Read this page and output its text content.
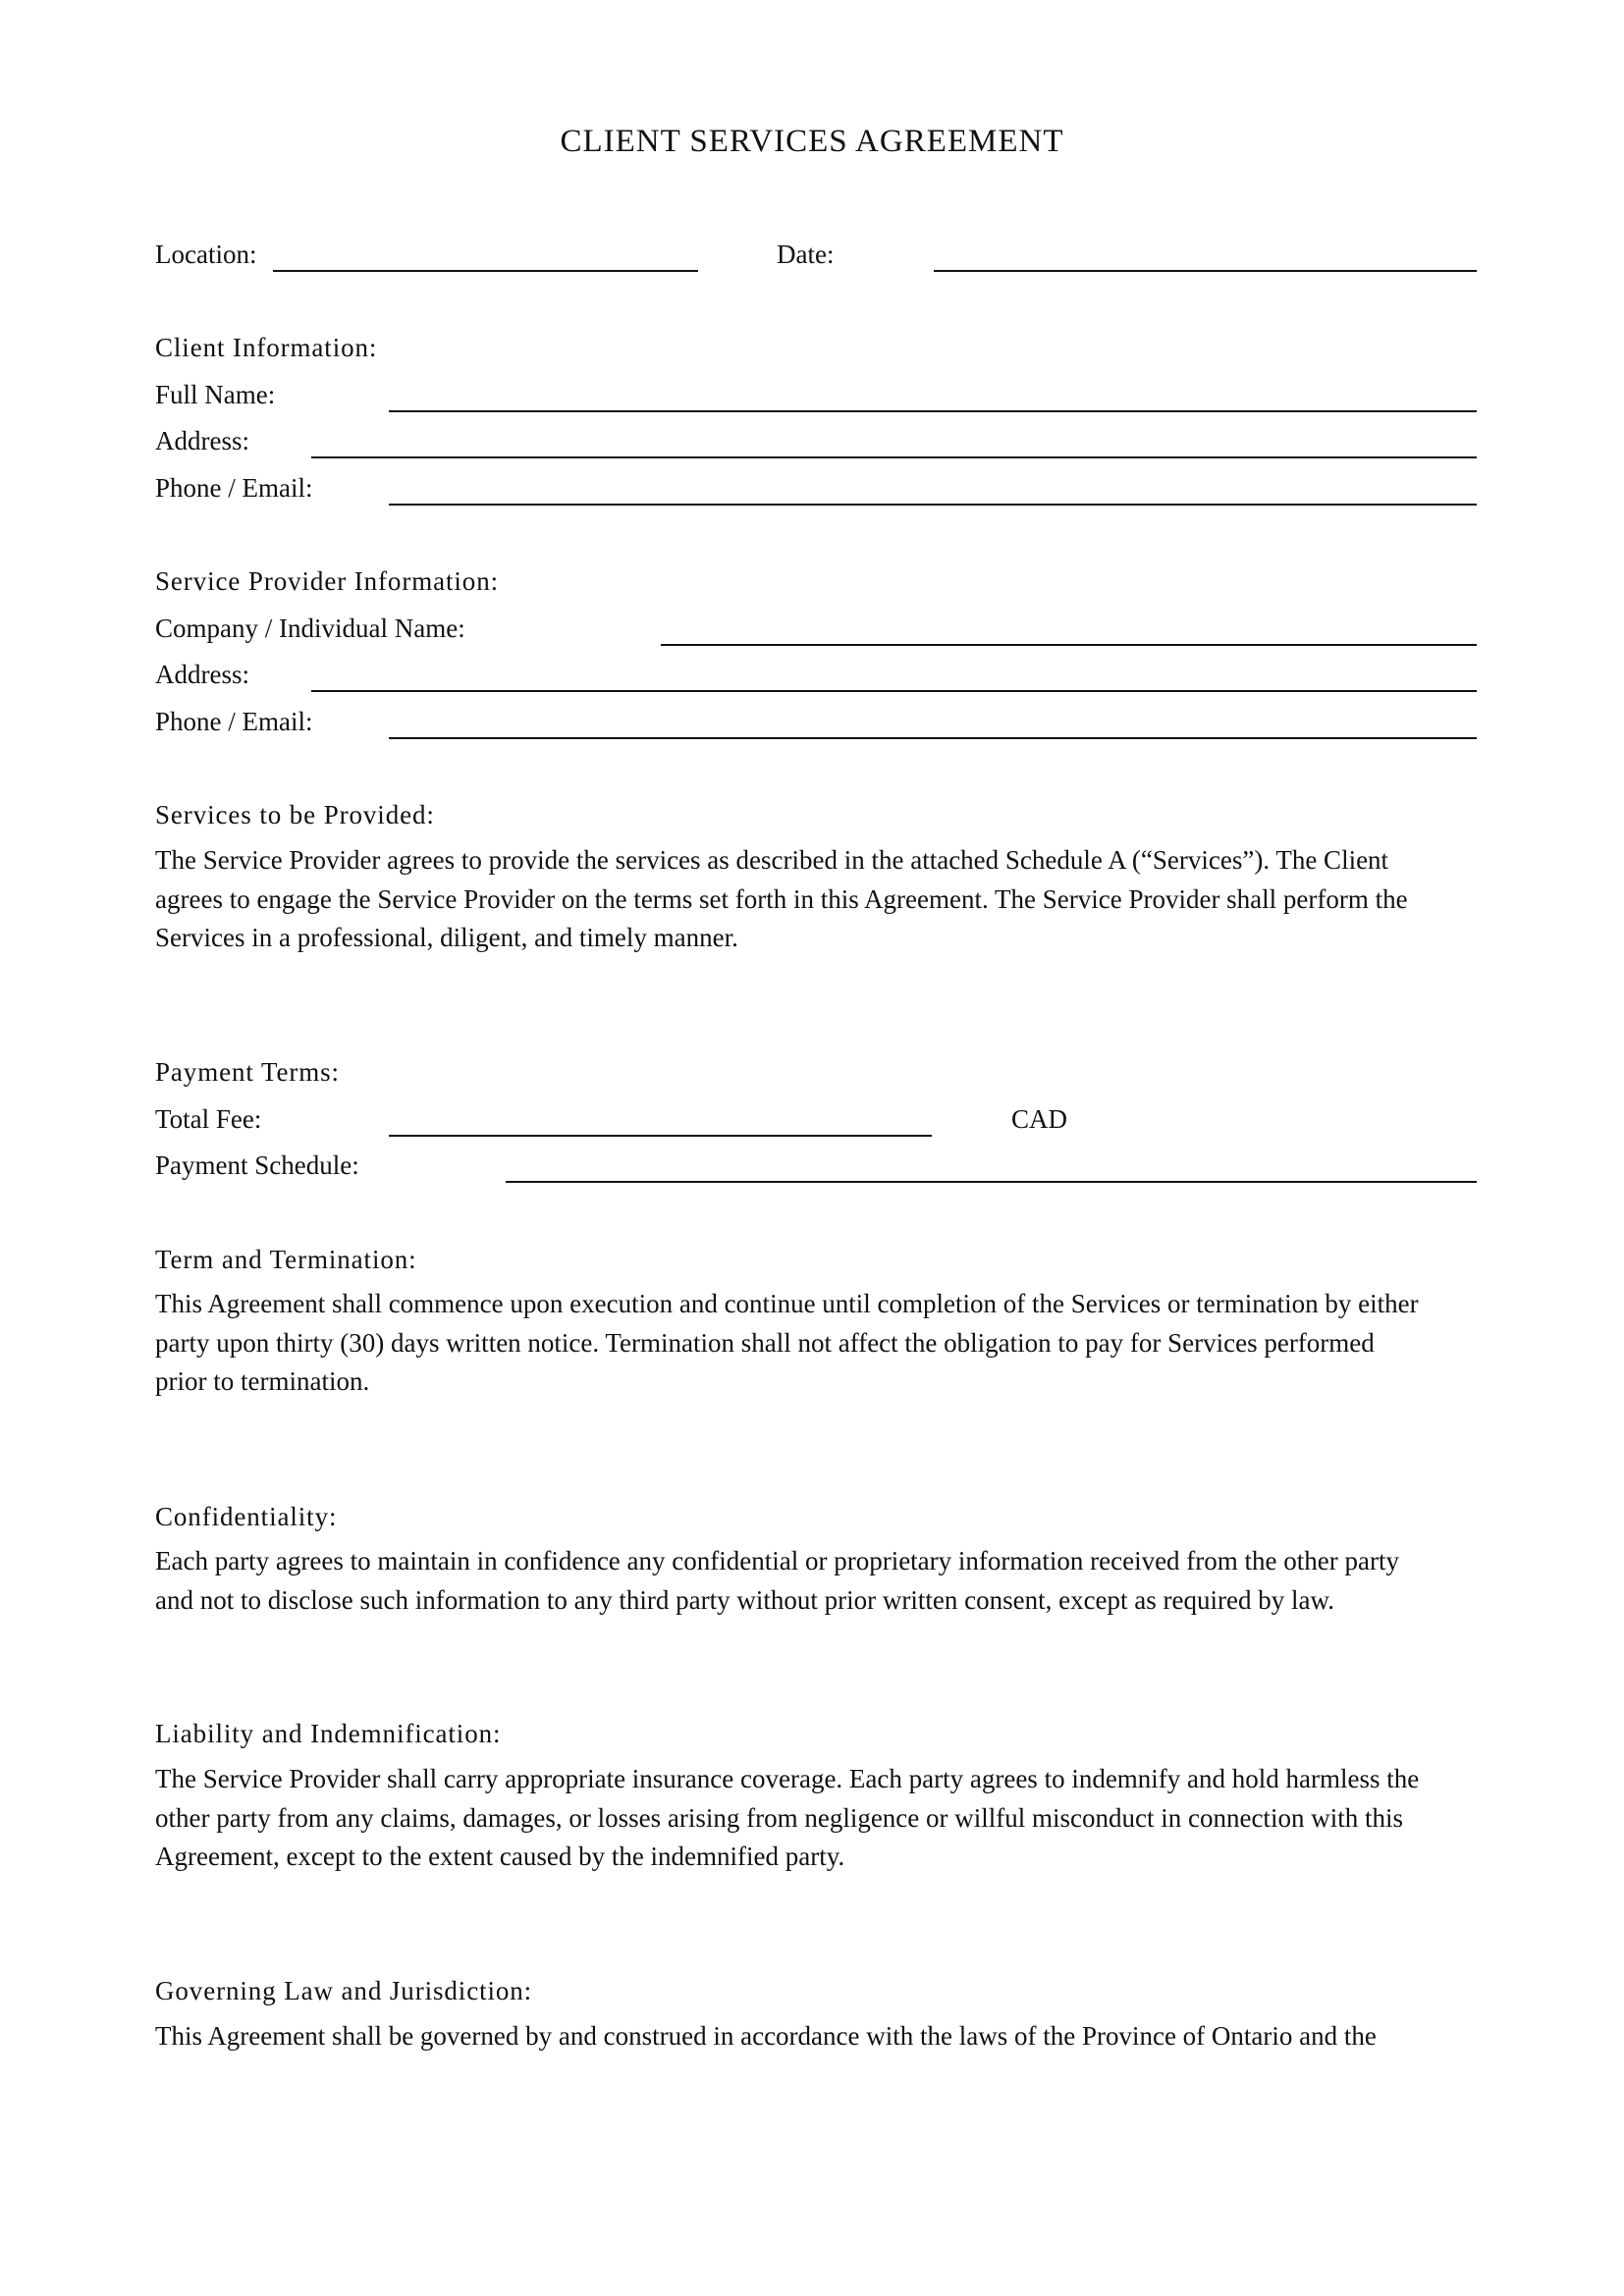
CLIENT SERVICES AGREEMENT
Location:	Date:
Client Information:
Full Name:
Address:
Phone / Email:
Service Provider Information:
Company / Individual Name:
Address:
Phone / Email:
Services to be Provided:
The Service Provider agrees to provide the services as described in the attached Schedule A (“Services”). The Client
agrees to engage the Service Provider on the terms set forth in this Agreement. The Service Provider shall perform the
Services in a professional, diligent, and timely manner.
Payment Terms:
Total Fee:	CAD
Payment Schedule:
Term and Termination:
This Agreement shall commence upon execution and continue until completion of the Services or termination by either
party upon thirty (30) days written notice. Termination shall not affect the obligation to pay for Services performed
prior to termination.
Confidentiality:
Each party agrees to maintain in confidence any confidential or proprietary information received from the other party
and not to disclose such information to any third party without prior written consent, except as required by law.
Liability and Indemnification:
The Service Provider shall carry appropriate insurance coverage. Each party agrees to indemnify and hold harmless the
other party from any claims, damages, or losses arising from negligence or willful misconduct in connection with this
Agreement, except to the extent caused by the indemnified party.
Governing Law and Jurisdiction:
This Agreement shall be governed by and construed in accordance with the laws of the Province of Ontario and the
